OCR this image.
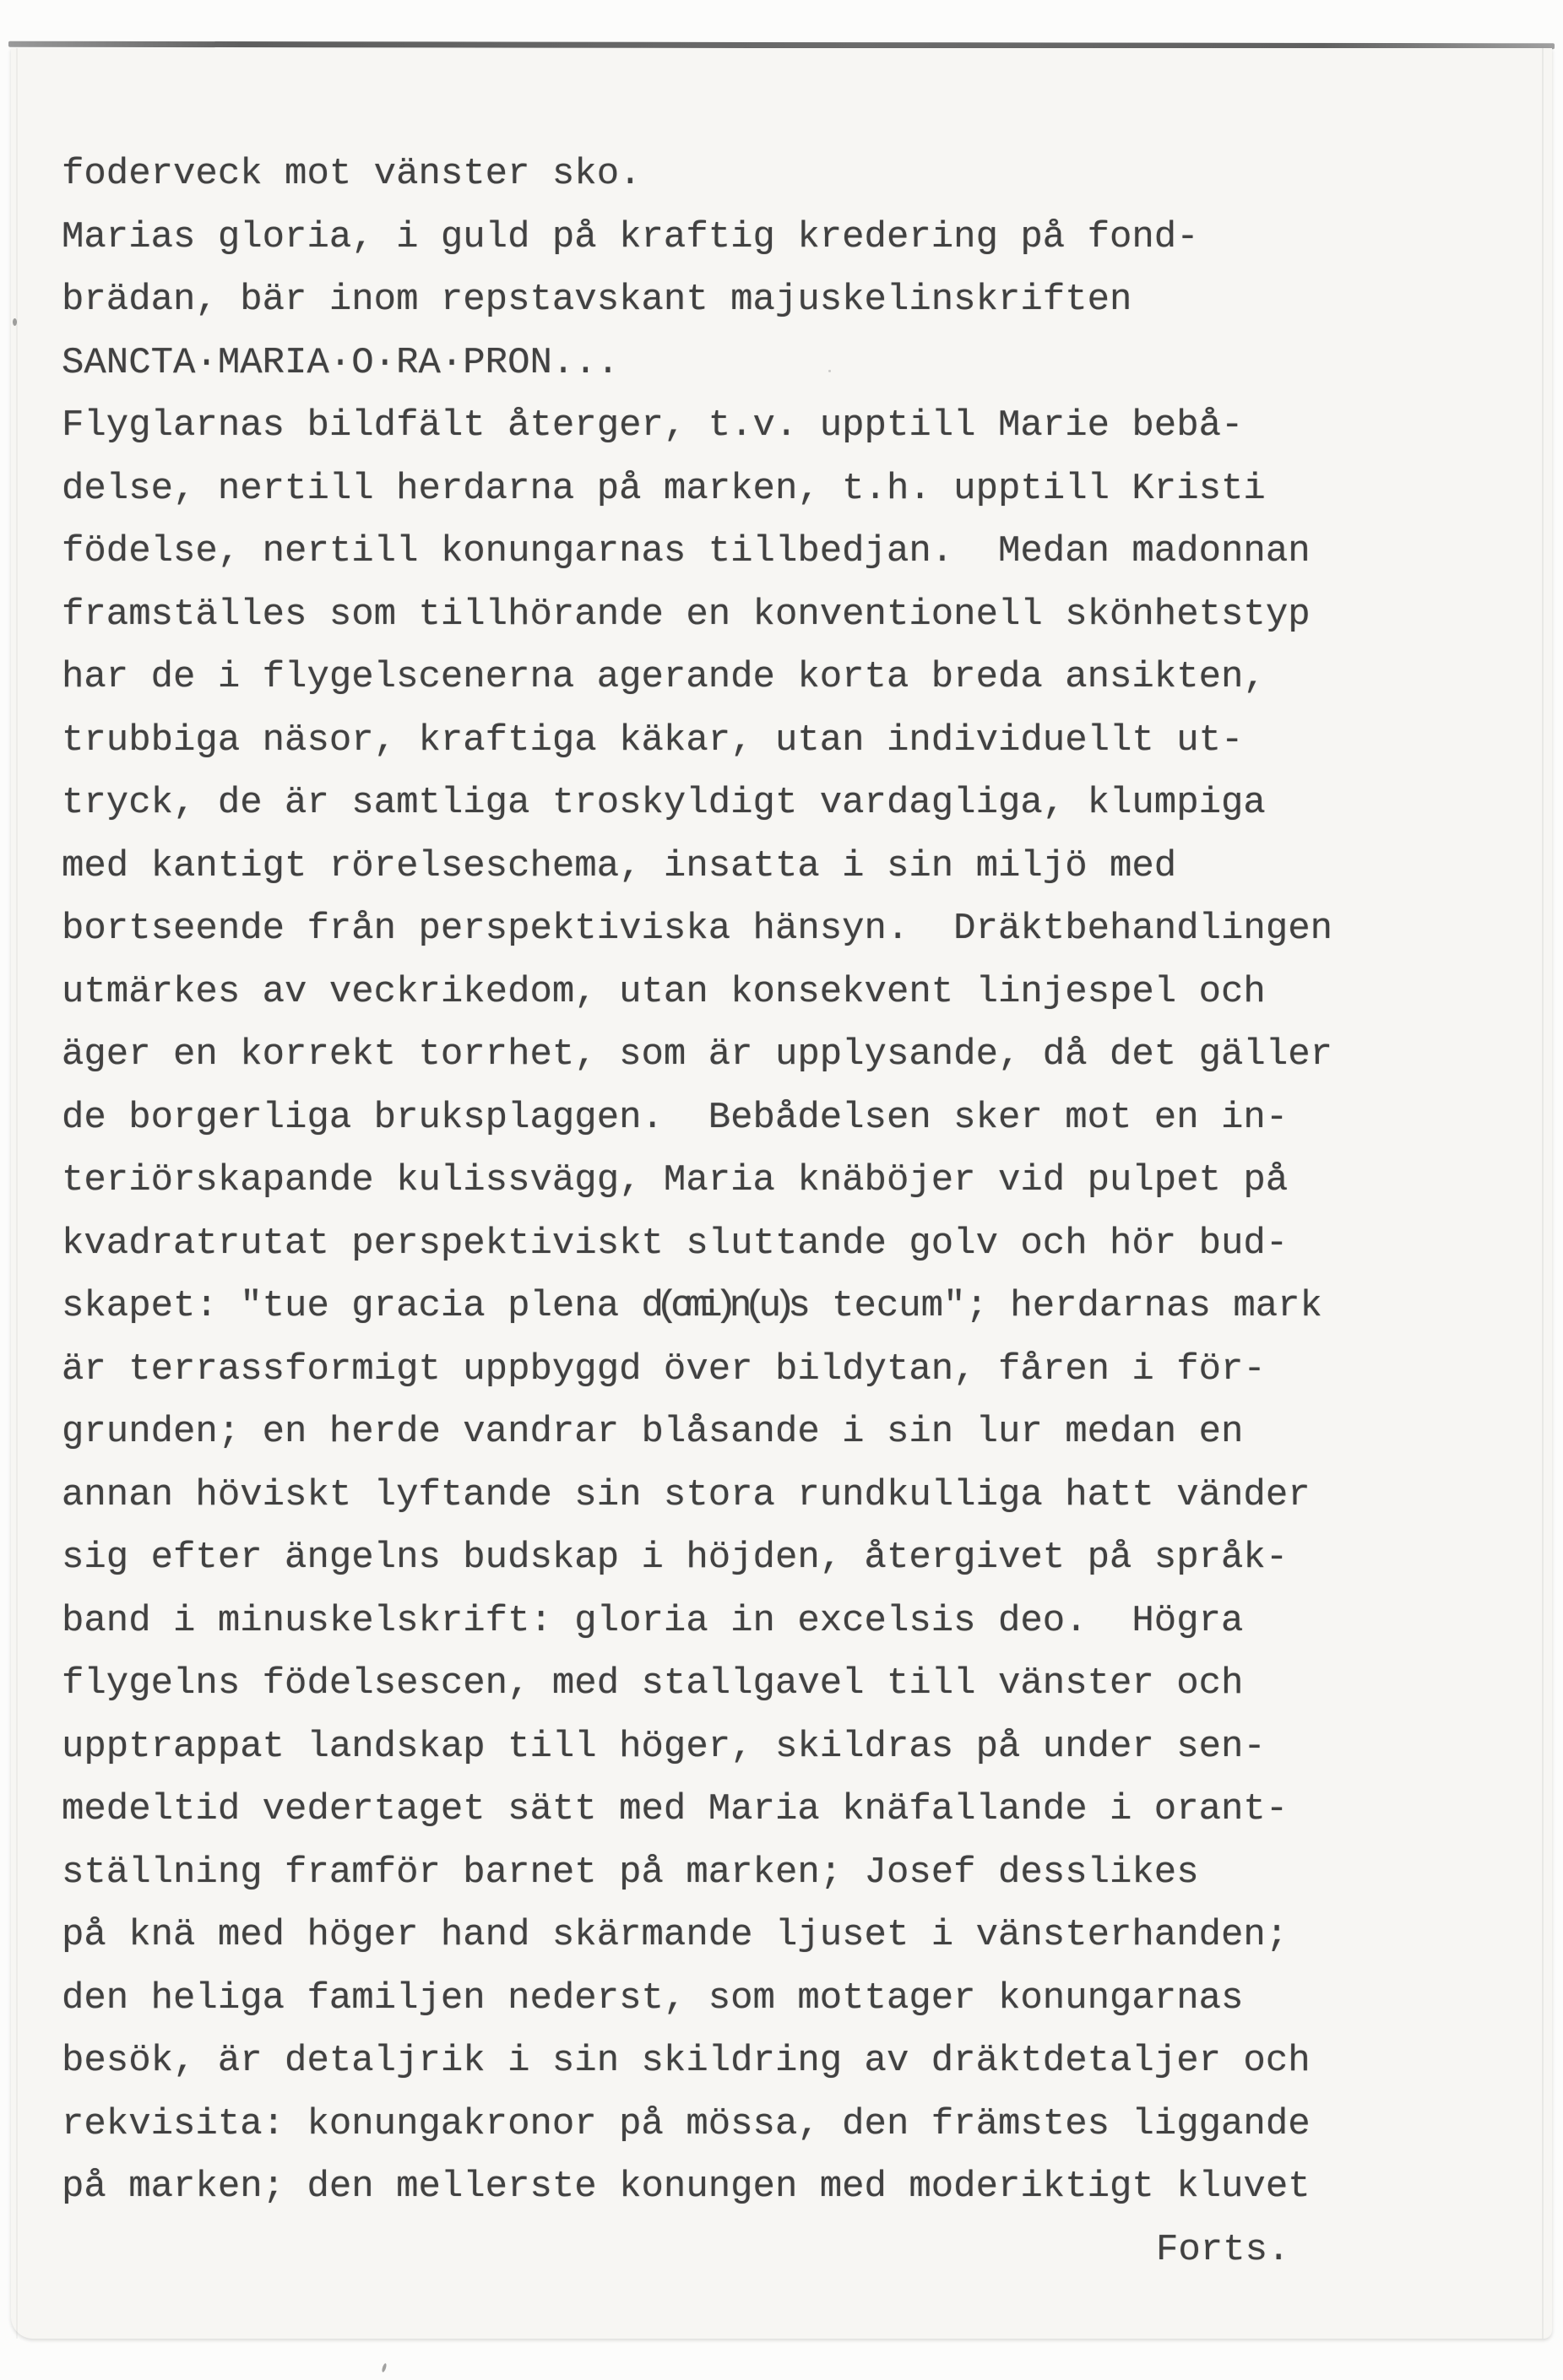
foderveck mot vänster sko.
Marias gloria, i guld på kraftig kredering på fond-
brädan, bär inom repstavskant majuskelinskriften
SANCTA·MARIA·O·RA·PRON...
Flyglarnas bildfält återger, t.v. upptill Marie bebå-
delse, nertill herdarna på marken, t.h. upptill Kristi
födelse, nertill konungarnas tillbedjan.  Medan madonnan
framställes som tillhörande en konventionell skönhetstyp
har de i flygelscenerna agerande korta breda ansikten,
trubbiga näsor, kraftiga käkar, utan individuellt ut-
tryck, de är samtliga troskyldigt vardagliga, klumpiga
med kantigt rörelseschema, insatta i sin miljö med
bortseende från perspektiviska hänsyn.  Dräktbehandlingen
utmärkes av veckrikedom, utan konsekvent linjespel och
äger en korrekt torrhet, som är upplysande, då det gäller
de borgerliga bruksplaggen.  Bebådelsen sker mot en in-
teriörskapande kulissvägg, Maria knäböjer vid pulpet på
kvadratrutat perspektiviskt sluttande golv och hör bud-
skapet: "tue gracia plena d(omi)n(u)s tecum"; herdarnas mark
är terrassformigt uppbyggd över bildytan, fåren i för-
grunden; en herde vandrar blåsande i sin lur medan en
annan höviskt lyftande sin stora rundkulliga hatt vänder
sig efter ängelns budskap i höjden, återgivet på språk-
band i minuskelskrift: gloria in excelsis deo.  Högra
flygelns födelsescen, med stallgavel till vänster och
upptrappat landskap till höger, skildras på under sen-
medeltid vedertaget sätt med Maria knäfallande i orant-
ställning framför barnet på marken; Josef desslikes
på knä med höger hand skärmande ljuset i vänsterhanden;
den heliga familjen nederst, som mottager konungarnas
besök, är detaljrik i sin skildring av dräktdetaljer och
rekvisita: konungakronor på mössa, den främstes liggande
på marken; den mellerste konungen med moderiktigt kluvet
Forts.
